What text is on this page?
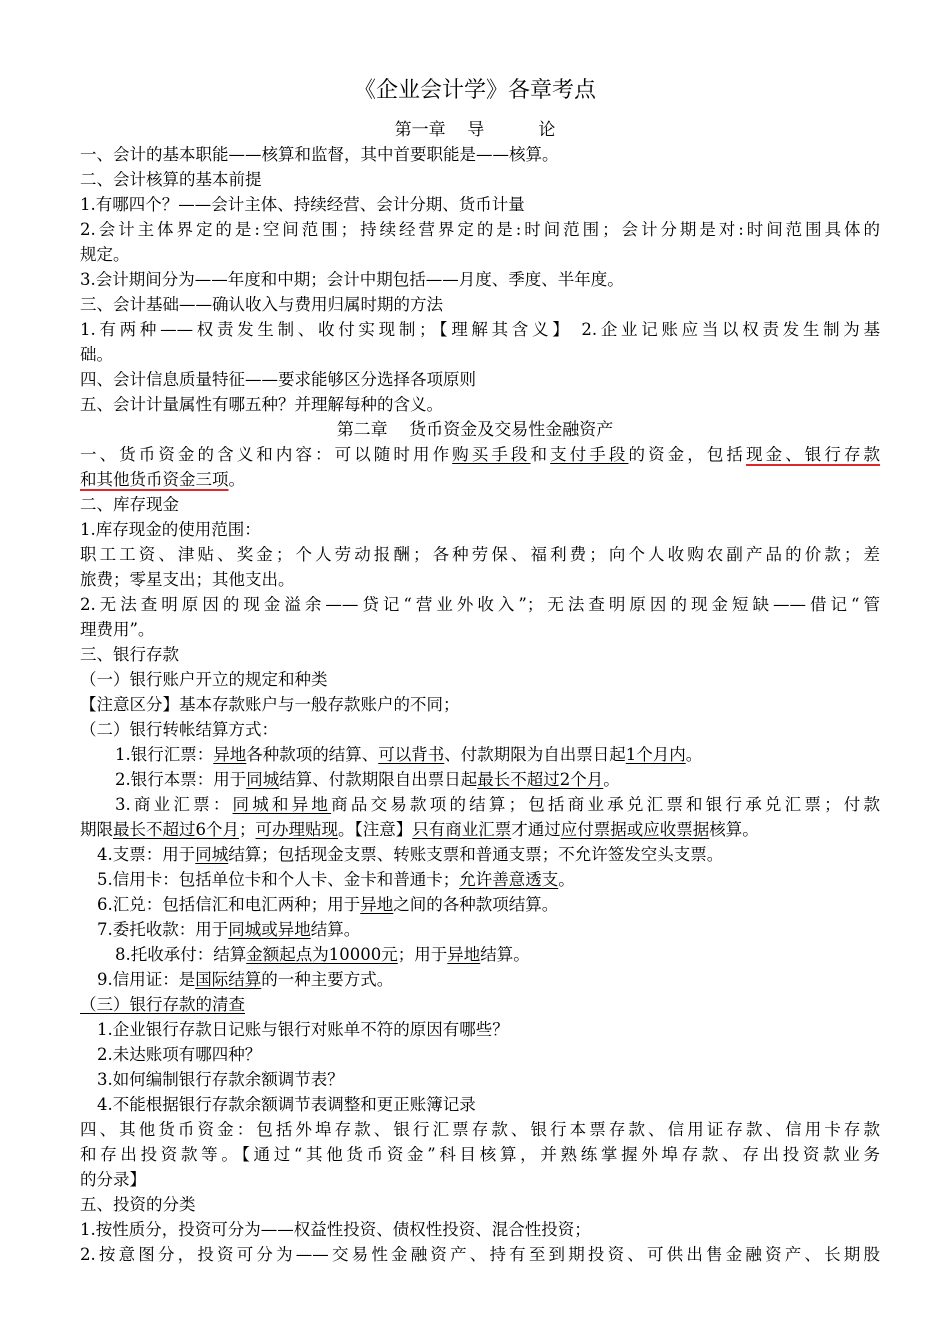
《企业会计学》各章考点
第一章    导          论
一、会计的基本职能——核算和监督，其中首要职能是——核算。
二、会计核算的基本前提
1.有哪四个？——会计主体、持续经营、会计分期、货币计量
2.会计主体界定的是:空间范围；持续经营界定的是:时间范围；会计分期是对:时间范围具体的
规定。
3.会计期间分为——年度和中期；会计中期包括——月度、季度、半年度。
三、会计基础——确认收入与费用归属时期的方法
1.有两种——权责发生制、收付实现制；【理解其含义】 2.企业记账应当以权责发生制为基
础。
四、会计信息质量特征——要求能够区分选择各项原则
五、会计计量属性有哪五种？并理解每种的含义。
第二章    货币资金及交易性金融资产
一、货币资金的含义和内容：可以随时用作购买手段和支付手段的资金，包括现金、银行存款
和其他货币资金三项。
二、库存现金
1.库存现金的使用范围：
职工工资、津贴、奖金；个人劳动报酬；各种劳保、福利费；向个人收购农副产品的价款；差
旅费；零星支出；其他支出。
2.无法查明原因的现金溢余——贷记“营业外收入”；无法查明原因的现金短缺——借记“管
理费用”。
三、银行存款
（一）银行账户开立的规定和种类
【注意区分】基本存款账户与一般存款账户的不同；
（二）银行转帐结算方式：
1.银行汇票：异地各种款项的结算、可以背书、付款期限为自出票日起1个月内。
2.银行本票：用于同城结算、付款期限自出票日起最长不超过2个月。
3.商业汇票：同城和异地商品交易款项的结算；包括商业承兑汇票和银行承兑汇票；付款
期限最长不超过6个月；可办理贴现。【注意】只有商业汇票才通过应付票据或应收票据核算。
4.支票：用于同城结算；包括现金支票、转账支票和普通支票；不允许签发空头支票。
5.信用卡：包括单位卡和个人卡、金卡和普通卡；允许善意透支。
6.汇兑：包括信汇和电汇两种；用于异地之间的各种款项结算。
7.委托收款：用于同城或异地结算。
8.托收承付：结算金额起点为10000元；用于异地结算。
9.信用证：是国际结算的一种主要方式。
（三）银行存款的清查
1.企业银行存款日记账与银行对账单不符的原因有哪些？
2.未达账项有哪四种？
3.如何编制银行存款余额调节表？
4.不能根据银行存款余额调节表调整和更正账簿记录
四、其他货币资金：包括外埠存款、银行汇票存款、银行本票存款、信用证存款、信用卡存款
和存出投资款等。【通过“其他货币资金”科目核算，并熟练掌握外埠存款、存出投资款业务
的分录】
五、投资的分类
1.按性质分，投资可分为——权益性投资、债权性投资、混合性投资；
2.按意图分，投资可分为——交易性金融资产、持有至到期投资、可供出售金融资产、长期股
